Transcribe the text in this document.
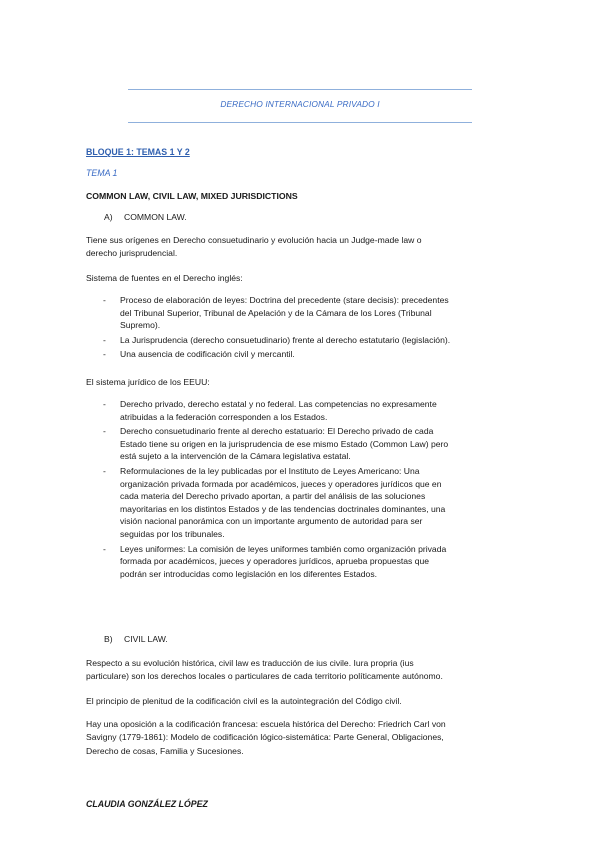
DERECHO INTERNACIONAL PRIVADO I
BLOQUE 1: TEMAS 1 Y 2
TEMA 1
COMMON LAW, CIVIL LAW, MIXED JURISDICTIONS
A) COMMON LAW.
Tiene sus orígenes en Derecho consuetudinario y evolución hacia un Judge-made law o
derecho jurisprudencial.
Sistema de fuentes en el Derecho inglés:
- Proceso de elaboración de leyes: Doctrina del precedente (stare decisis): precedentes
del Tribunal Superior, Tribunal de Apelación y de la Cámara de los Lores (Tribunal
Supremo).
- La Jurisprudencia (derecho consuetudinario) frente al derecho estatutario (legislación).
- Una ausencia de codificación civil y mercantil.
El sistema jurídico de los EEUU:
- Derecho privado, derecho estatal y no federal. Las competencias no expresamente
atribuidas a la federación corresponden a los Estados.
- Derecho consuetudinario frente al derecho estatuario: El Derecho privado de cada
Estado tiene su origen en la jurisprudencia de ese mismo Estado (Common Law) pero
está sujeto a la intervención de la Cámara legislativa estatal.
- Reformulaciones de la ley publicadas por el Instituto de Leyes Americano: Una
organización privada formada por académicos, jueces y operadores jurídicos que en
cada materia del Derecho privado aportan, a partir del análisis de las soluciones
mayoritarias en los distintos Estados y de las tendencias doctrinales dominantes, una
visión nacional panorámica con un importante argumento de autoridad para ser
seguidas por los tribunales.
- Leyes uniformes: La comisión de leyes uniformes también como organización privada
formada por académicos, jueces y operadores jurídicos, aprueba propuestas que
podrán ser introducidas como legislación en los diferentes Estados.
B) CIVIL LAW.
Respecto a su evolución histórica, civil law es traducción de ius civile. Iura propria (ius
particulare) son los derechos locales o particulares de cada territorio políticamente autónomo.
El principio de plenitud de la codificación civil es la autointegración del Código civil.
Hay una oposición a la codificación francesa: escuela histórica del Derecho: Friedrich Carl von
Savigny (1779-1861): Modelo de codificación lógico-sistemática: Parte General, Obligaciones,
Derecho de cosas, Familia y Sucesiones.
CLAUDIA GONZÁLEZ LÓPEZ
